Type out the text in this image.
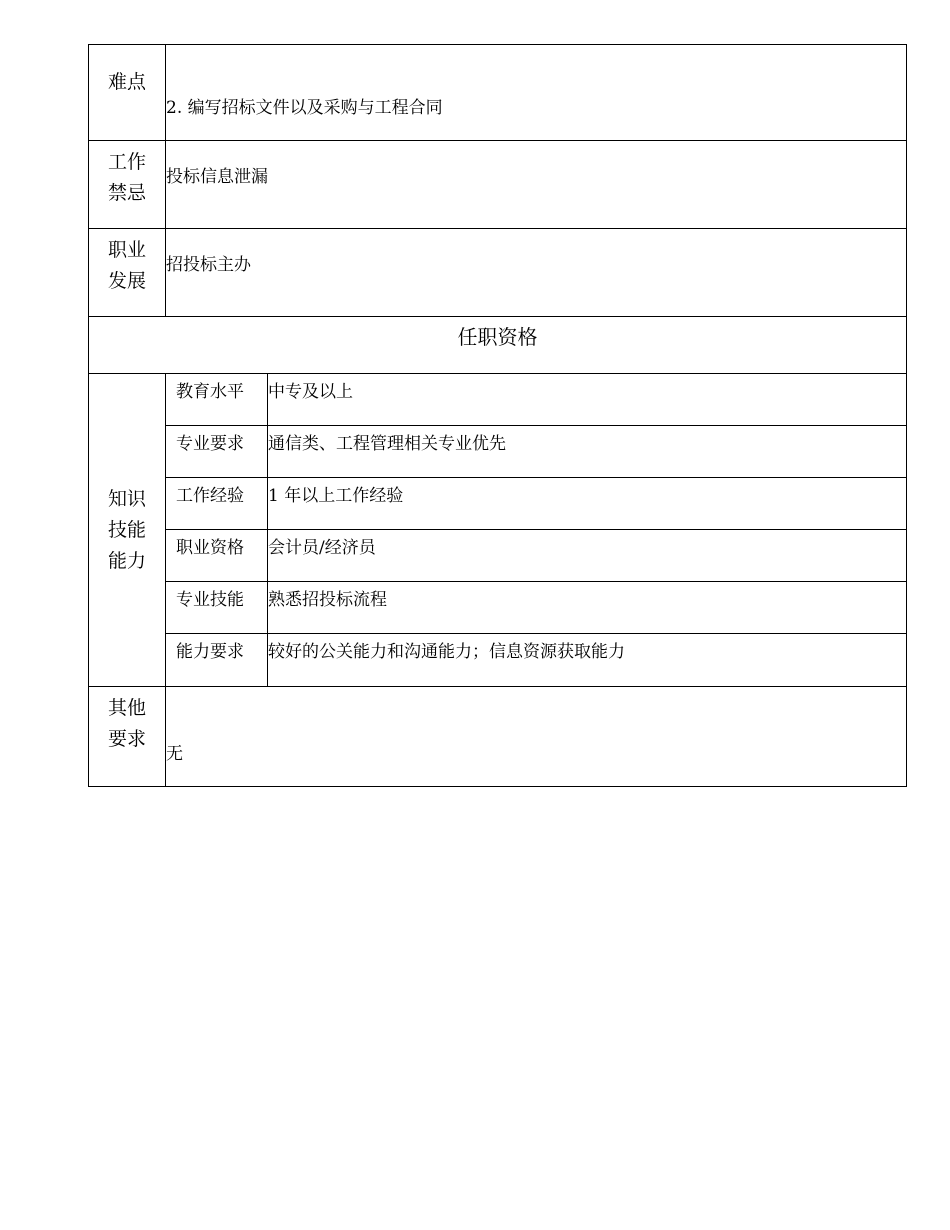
难点	2. 编写招标文件以及采购与工程合同	

工作
禁忌	投标信息泄漏	

职业
发展	招投标主办	
任职资格		

知识
技能
能力	教育水平	中专及以上
	专业要求	通信类、工程管理相关专业优先
	工作经验	1 年以上工作经验
	职业资格	会计员/经济员
	专业技能	熟悉招投标流程
	能力要求	较好的公关能力和沟通能力；信息资源获取能力

其他
要求	无	
